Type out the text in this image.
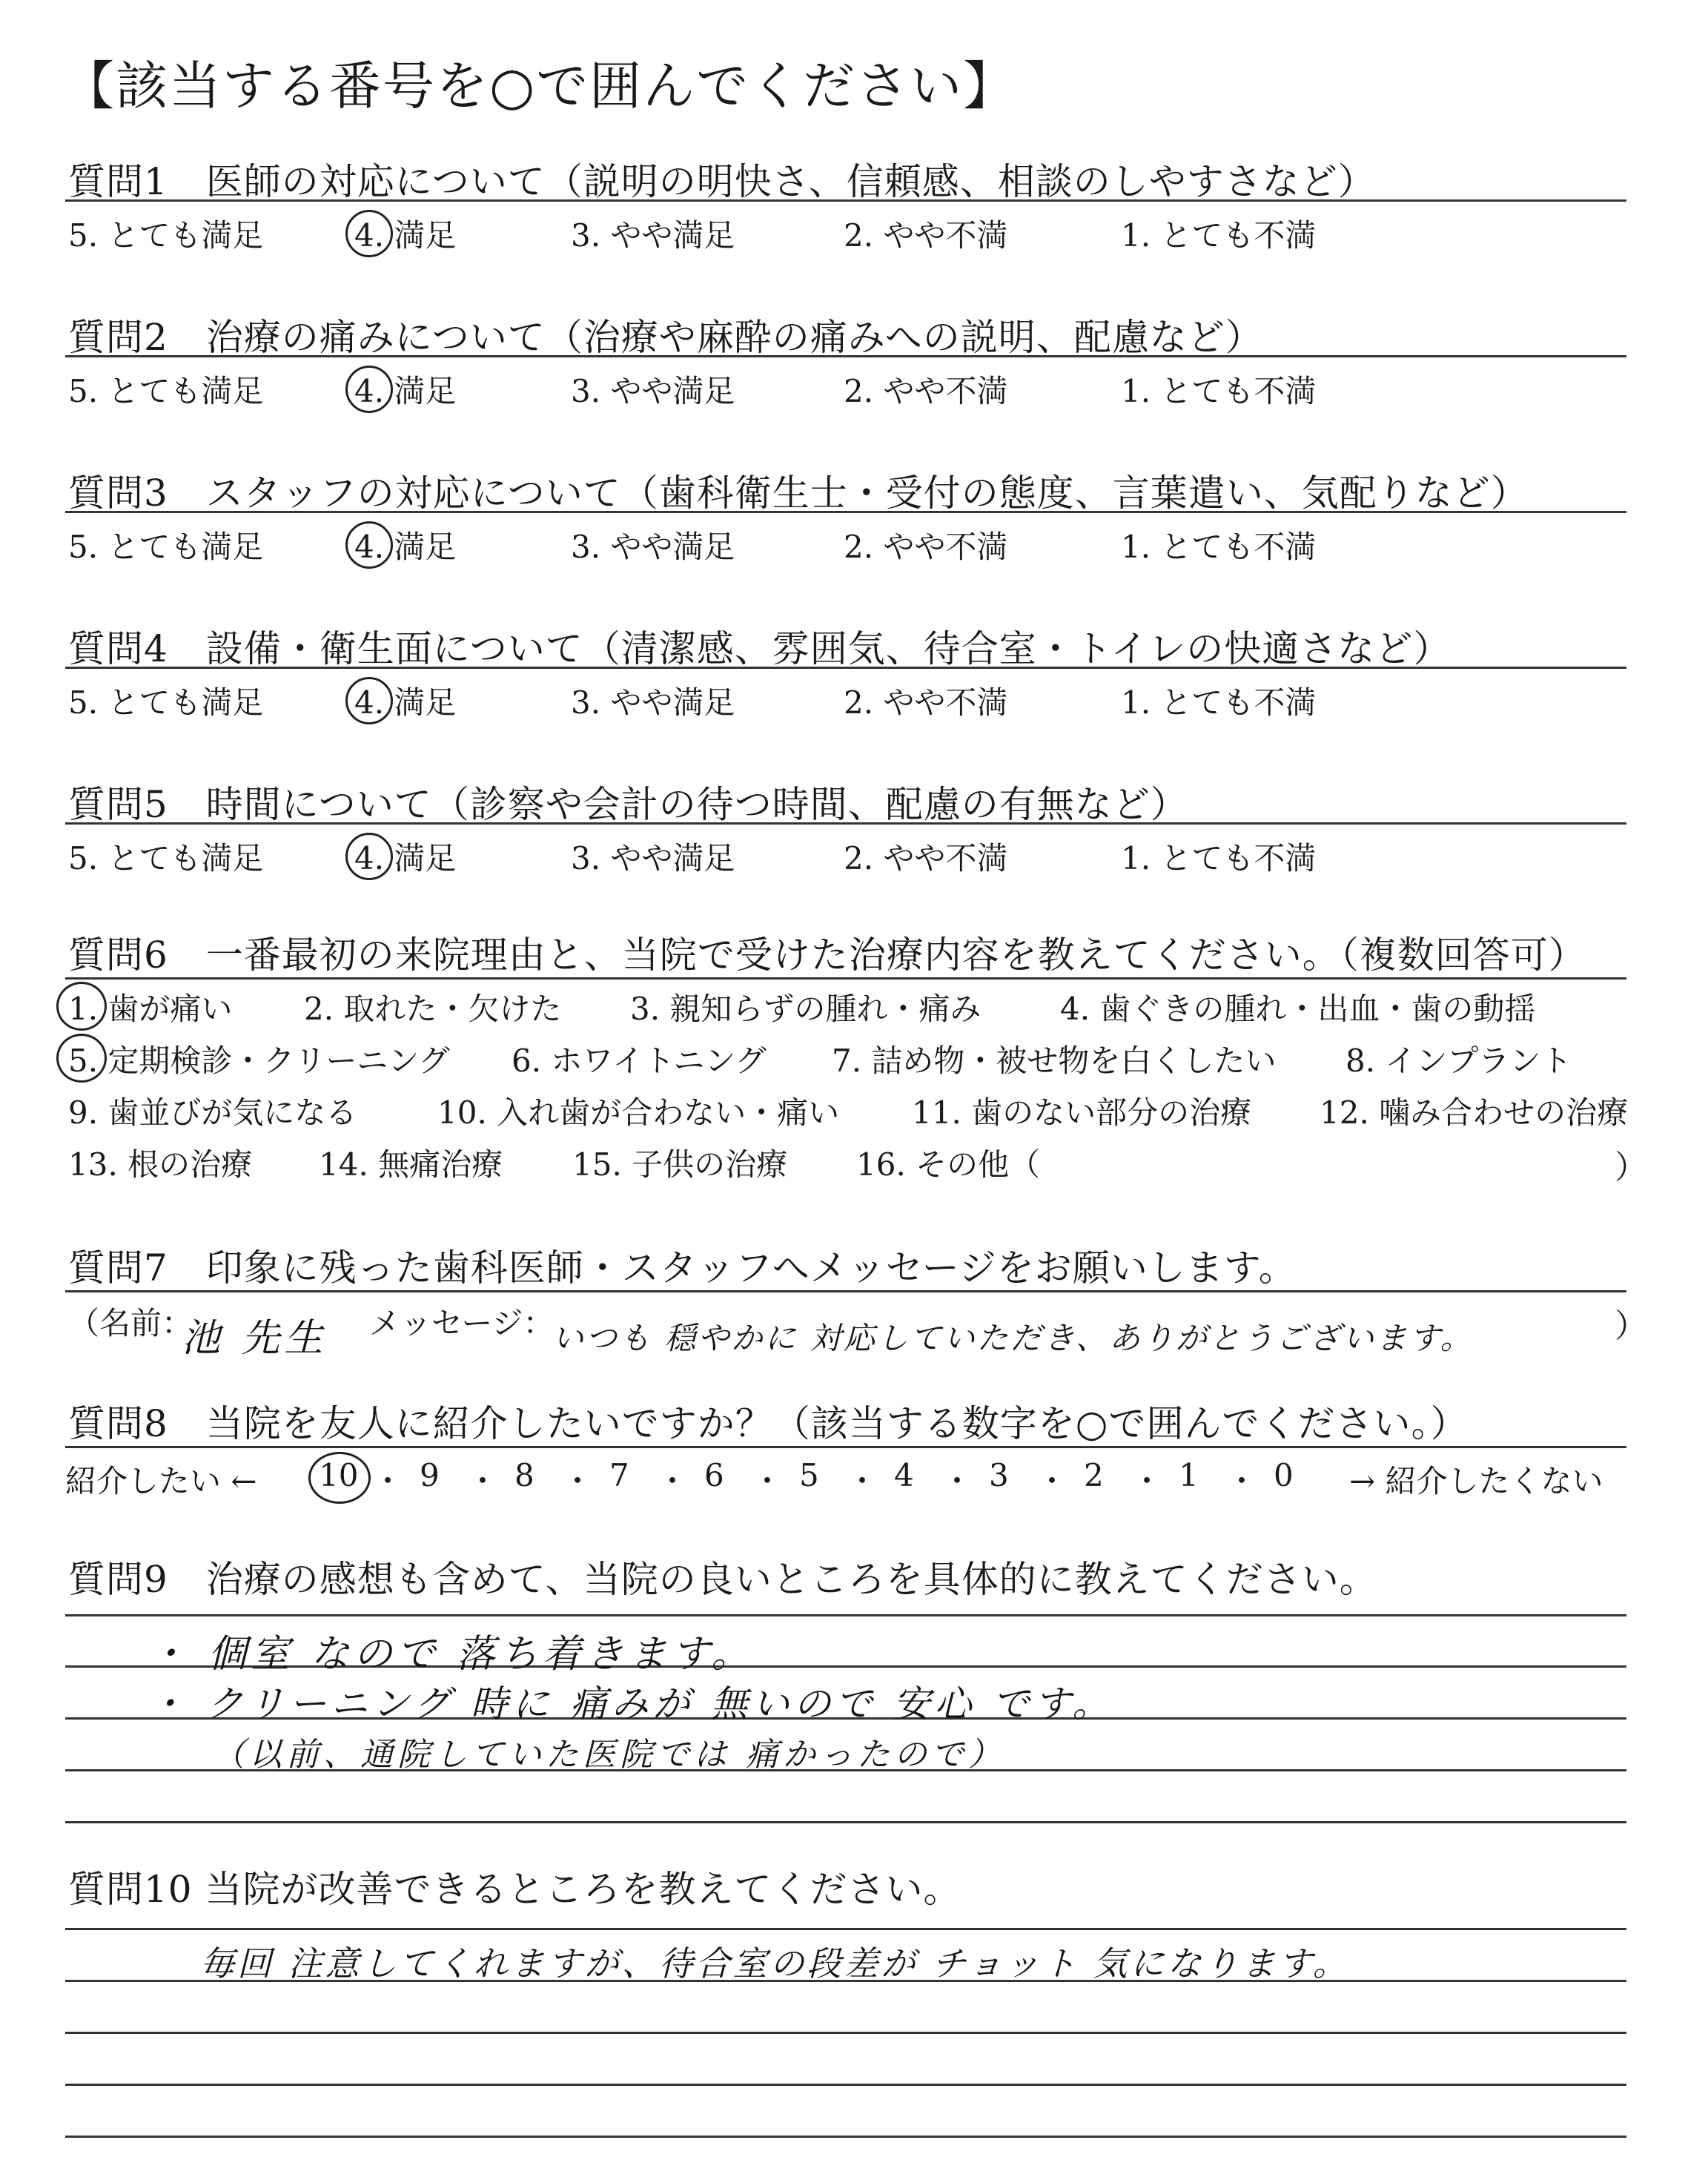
【該当する番号を○で囲んでください】
質問1　医師の対応について（説明の明快さ、信頼感、相談のしやすさなど）
5. とても満足	4. 満足	3. やや満足	2. やや不満	1. とても不満
質問2　治療の痛みについて（治療や麻酔の痛みへの説明、配慮など）
5. とても満足	4. 満足	3. やや満足	2. やや不満	1. とても不満
質問3　スタッフの対応について（歯科衛生士・受付の態度、言葉遣い、気配りなど）
5. とても満足	4. 満足	3. やや満足	2. やや不満	1. とても不満
質問4　設備・衛生面について（清潔感、雰囲気、待合室・トイレの快適さなど）
5. とても満足	4. 満足	3. やや満足	2. やや不満	1. とても不満
質問5　時間について（診察や会計の待つ時間、配慮の有無など）
5. とても満足	4. 満足	3. やや満足	2. やや不満	1. とても不満
質問6　一番最初の来院理由と、当院で受けた治療内容を教えてください。（複数回答可）
1. 歯が痛い 2. 取れた・欠けた 3. 親知らずの腫れ・痛み	4. 歯ぐきの腫れ・出血・歯の動揺
5. 定期検診・クリーニング 6. ホワイトニング 7. 詰め物・被せ物を白くしたい 8. インプラント
9. 歯並びが気になる	10. 入れ歯が合わない・痛い 11. 歯のない部分の治療 12. 噛み合わせの治療
13. 根の治療 14. 無痛治療 15. 子供の治療 16. その他（	）
質問7　印象に残った歯科医師・スタッフへメッセージをお願いします。
（名前：
池 先生 メッセージ：
いつも 穏やかに 対応していただき、ありがとうございます。	）
質問8　当院を友人に紹介したいですか？（該当する数字を○で囲んでください。）
紹介したい ← 10 ・ 9 ・ 8 ・ 7 ・ 6 ・ 5 ・ 4 ・ 3 ・ 2 ・ 1 ・ 0 → 紹介したくない
質問9　治療の感想も含めて、当院の良いところを具体的に教えてください。
・ 個室 なので 落ち着きます。
・ クリーニング 時に 痛みが 無いので 安心 です。
（以前、通院していた医院では 痛かったので）
質問10 当院が改善できるところを教えてください。
毎回 注意してくれますが、待合室の段差が チョット 気になります。
